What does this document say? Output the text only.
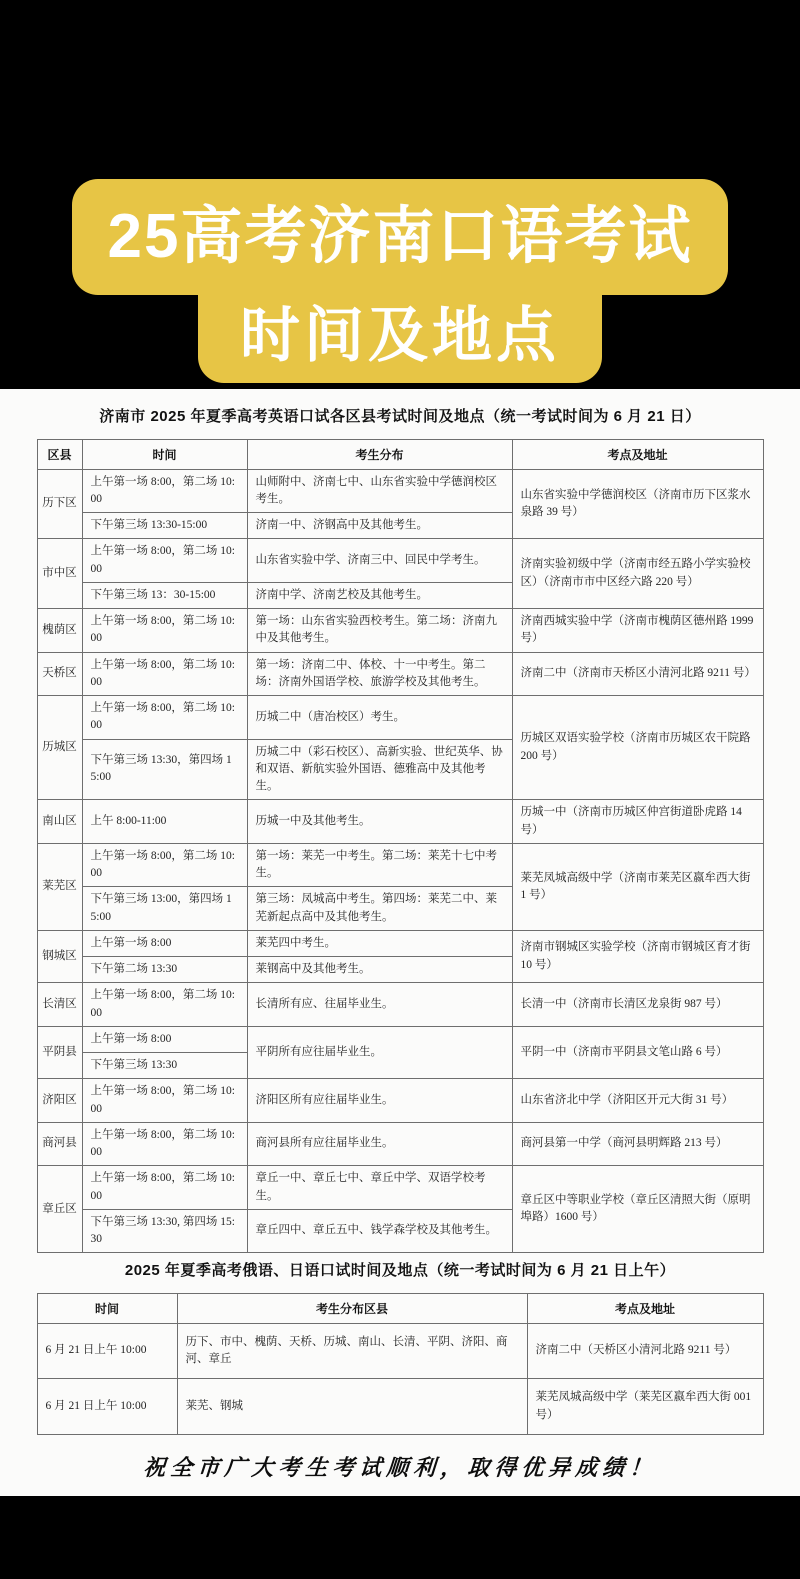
25高考济南口语考试
时间及地点
济南市 2025 年夏季高考英语口试各区县考试时间及地点（统一考试时间为 6 月 21 日）
区县	时间	考生分布	考点及地址
历下区	上午第一场 8:00，第二场 10:00	山师附中、济南七中、山东省实验中学德润校区考生。	山东省实验中学德润校区（济南市历下区浆水泉路 39 号）
	下午第三场 13:30-15:00	济南一中、济钢高中及其他考生。	
市中区	上午第一场 8:00，第二场 10:00	山东省实验中学、济南三中、回民中学考生。	济南实验初级中学（济南市经五路小学实验校区）（济南市市中区经六路 220 号）
	下午第三场 13：30-15:00	济南中学、济南艺校及其他考生。	
槐荫区	上午第一场 8:00，第二场 10:00	第一场：山东省实验西校考生。第二场：济南九中及其他考生。	济南西城实验中学（济南市槐荫区德州路 1999 号）
天桥区	上午第一场 8:00，第二场 10:00	第一场：济南二中、体校、十一中考生。第二场：济南外国语学校、旅游学校及其他考生。	济南二中（济南市天桥区小清河北路 9211 号）
历城区	上午第一场 8:00，第二场 10:00	历城二中（唐冶校区）考生。	历城区双语实验学校（济南市历城区农干院路 200 号）
	下午第三场 13:30，第四场 15:00	历城二中（彩石校区）、高新实验、世纪英华、协和双语、新航实验外国语、德雅高中及其他考生。	
南山区	上午 8:00-11:00	历城一中及其他考生。	历城一中（济南市历城区仲宫街道卧虎路 14 号）
莱芜区	上午第一场 8:00，第二场 10:00	第一场：莱芜一中考生。第二场：莱芜十七中考生。	莱芜凤城高级中学（济南市莱芜区嬴牟西大街 1 号）
	下午第三场 13:00，第四场 15:00	第三场：凤城高中考生。第四场：莱芜二中、莱芜新起点高中及其他考生。	
钢城区	上午第一场 8:00	莱芜四中考生。	济南市钢城区实验学校（济南市钢城区育才街 10 号）
	下午第二场 13:30	莱钢高中及其他考生。	
长清区	上午第一场 8:00，第二场 10:00	长清所有应、往届毕业生。	长清一中（济南市长清区龙泉街 987 号）
平阴县	上午第一场 8:00	平阴所有应往届毕业生。	平阴一中（济南市平阴县文笔山路 6 号）
	下午第三场 13:30		
济阳区	上午第一场 8:00，第二场 10:00	济阳区所有应往届毕业生。	山东省济北中学（济阳区开元大街 31 号）
商河县	上午第一场 8:00，第二场 10:00	商河县所有应往届毕业生。	商河县第一中学（商河县明辉路 213 号）
章丘区	上午第一场 8:00，第二场 10:00	章丘一中、章丘七中、章丘中学、双语学校考生。	章丘区中等职业学校（章丘区清照大街（原明埠路）1600 号）
	下午第三场 13:30, 第四场 15:30	章丘四中、章丘五中、钱学森学校及其他考生。	
2025 年夏季高考俄语、日语口试时间及地点（统一考试时间为 6 月 21 日上午）
时间	考生分布区县	考点及地址
6 月 21 日上午 10:00	历下、市中、槐荫、天桥、历城、南山、长清、平阴、济阳、商河、章丘	济南二中（天桥区小清河北路 9211 号）
6 月 21 日上午 10:00	莱芜、钢城	莱芜凤城高级中学（莱芜区嬴牟西大街 001 号）
祝全市广大考生考试顺利，取得优异成绩！
